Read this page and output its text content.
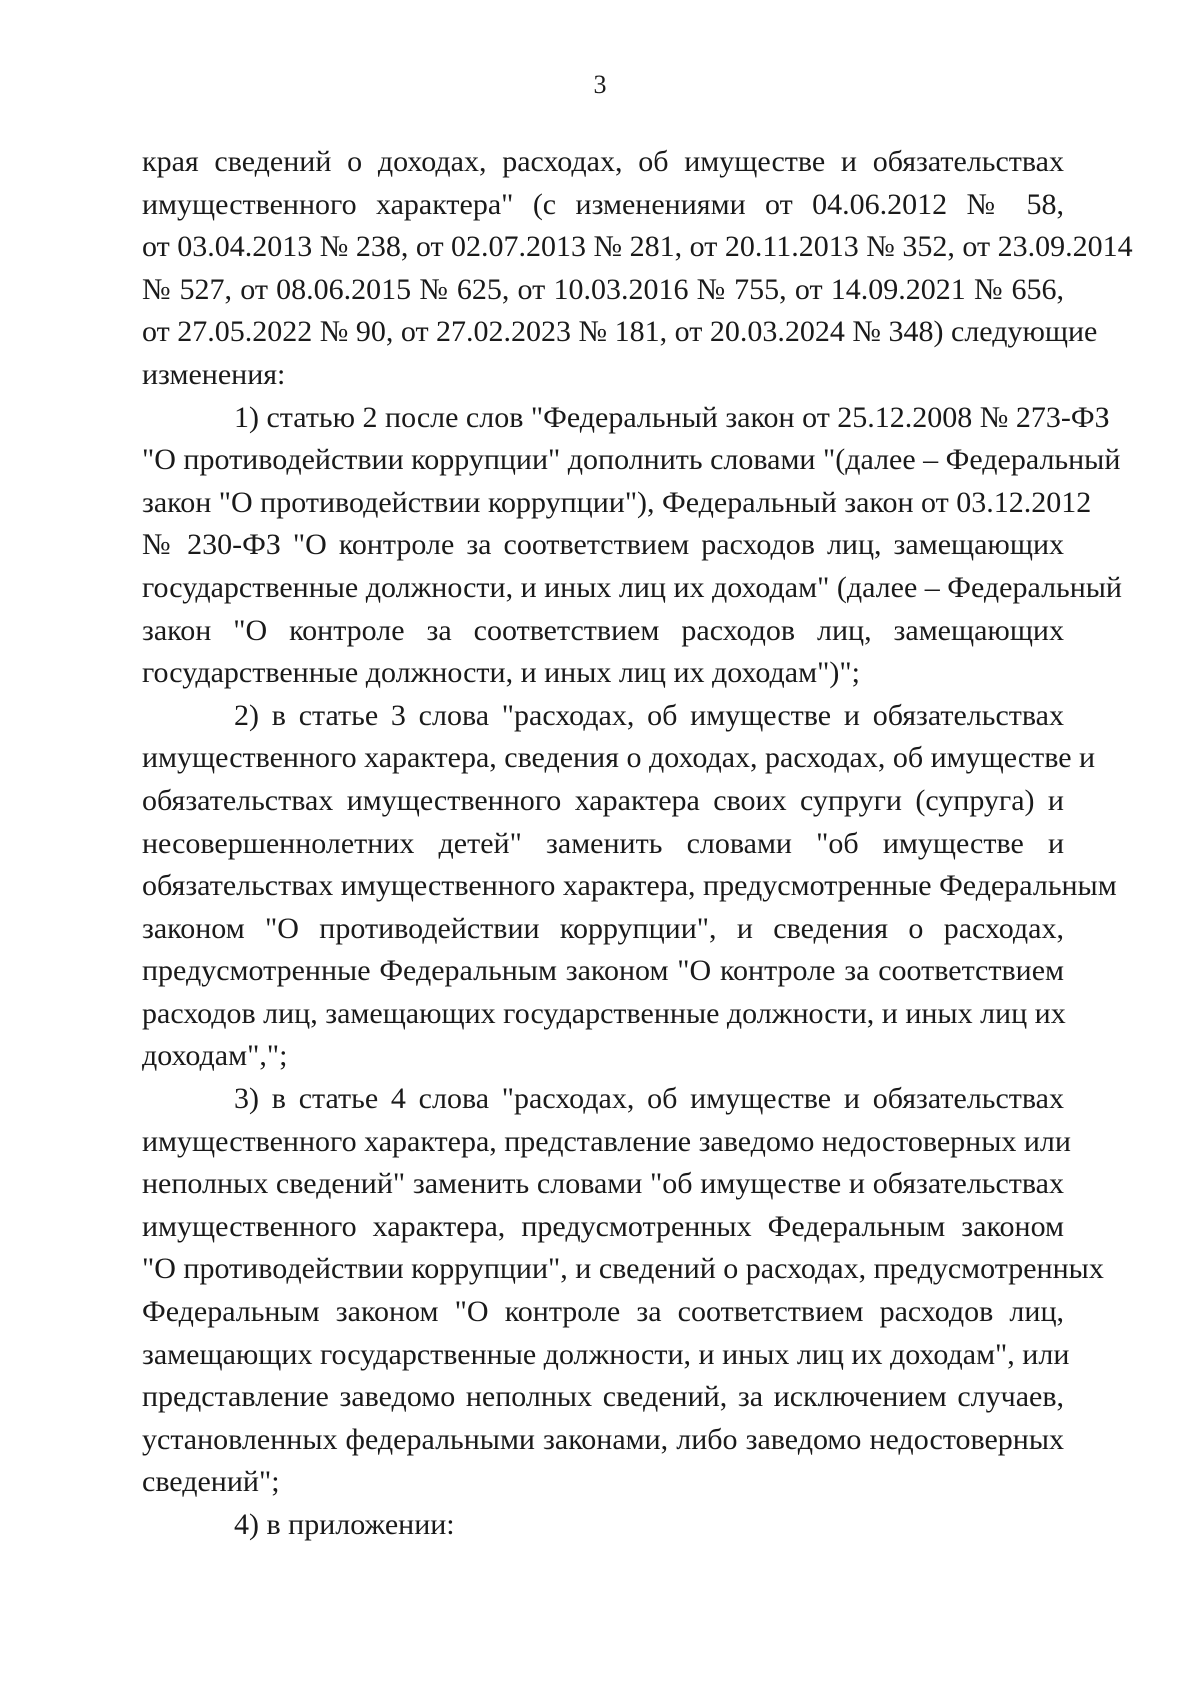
3
края сведений о доходах, расходах, об имуществе и обязательствах
имущественного характера" (с изменениями от 04.06.2012 № 58,
от 03.04.2013 № 238, от 02.07.2013 № 281, от 20.11.2013 № 352, от 23.09.2014
№ 527, от 08.06.2015 № 625, от 10.03.2016 № 755, от 14.09.2021 № 656,
от 27.05.2022 № 90, от 27.02.2023 № 181, от 20.03.2024 № 348) следующие
изменения:
1) статью 2 после слов "Федеральный закон от 25.12.2008 № 273-ФЗ
"О противодействии коррупции" дополнить словами "(далее – Федеральный
закон "О противодействии коррупции"), Федеральный закон от 03.12.2012
№ 230-ФЗ "О контроле за соответствием расходов лиц, замещающих
государственные должности, и иных лиц их доходам" (далее – Федеральный
закон "О контроле за соответствием расходов лиц, замещающих
государственные должности, и иных лиц их доходам")";
2) в статье 3 слова "расходах, об имуществе и обязательствах
имущественного характера, сведения о доходах, расходах, об имуществе и
обязательствах имущественного характера своих супруги (супруга) и
несовершеннолетних детей" заменить словами "об имуществе и
обязательствах имущественного характера, предусмотренные Федеральным
законом "О противодействии коррупции", и сведения о расходах,
предусмотренные Федеральным законом "О контроле за соответствием
расходов лиц, замещающих государственные должности, и иных лиц их
доходам",";
3) в статье 4 слова "расходах, об имуществе и обязательствах
имущественного характера, представление заведомо недостоверных или
неполных сведений" заменить словами "об имуществе и обязательствах
имущественного характера, предусмотренных Федеральным законом
"О противодействии коррупции", и сведений о расходах, предусмотренных
Федеральным законом "О контроле за соответствием расходов лиц,
замещающих государственные должности, и иных лиц их доходам", или
представление заведомо неполных сведений, за исключением случаев,
установленных федеральными законами, либо заведомо недостоверных
сведений";
4) в приложении:
